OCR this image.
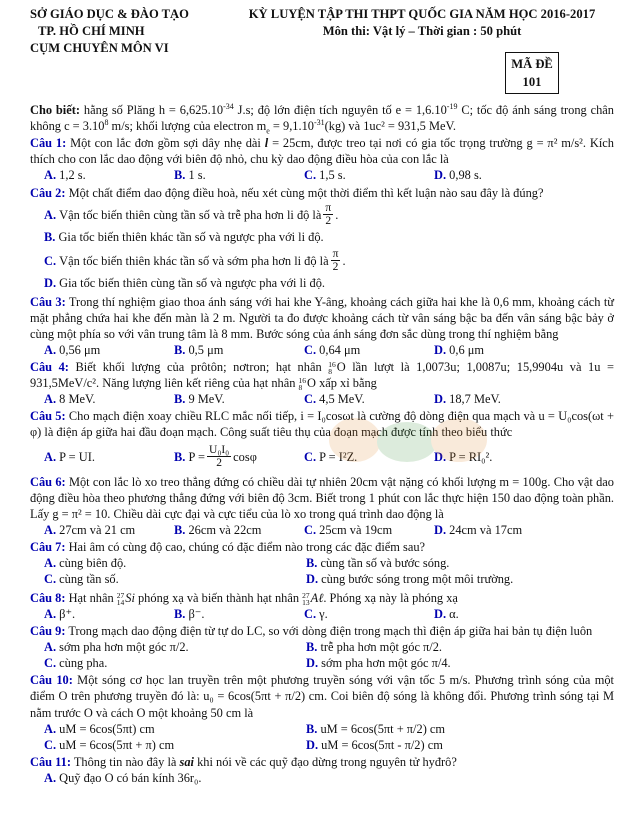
SỞ GIÁO DỤC & ĐÀO TẠO
TP. HỒ CHÍ MINH
CỤM CHUYÊN MÔN VI
KỲ LUYỆN TẬP THI THPT QUỐC GIA NĂM HỌC 2016-2017
Môn thi: Vật lý – Thời gian : 50 phút
MÃ ĐỀ
101

Cho biết: hằng số Plăng $h = 6,625.10^{-34}$ J.s; độ lớn điện tích nguyên tố $e = 1,6.10^{-19}$ C; tốc độ ánh sáng trong chân không $c = 3.10^8$ m/s; khối lượng của electron $m_e = 9,1.10^{-31}(kg)$ và 1uc² = 931,5 MeV.

Câu 1: Một con lắc đơn gồm sợi dây nhẹ dài l = 25cm, được treo tại nơi có gia tốc trọng trường g = π² m/s². Kích thích cho con lắc dao động với biên độ nhỏ, chu kỳ dao động điều hòa của con lắc là

A. 1,2 s.	B. 1 s.	C. 1,5 s.	D. 0,98 s.

Câu 2: Một chất điểm dao động điều hoà, nếu xét cùng một thời điểm thì kết luận nào sau đây là đúng?

A.
Vận tốc biến thiên cùng tần số và trễ pha hơn li độ là $\frac{\pi}{2}$ .
B. Gia tốc biến thiên khác tần số và ngược pha với li độ.
C.
Vận tốc biến thiên khác tần số và sớm pha hơn li độ là $\frac{\pi}{2}$ .
D. Gia tốc biến thiên cùng tần số và ngược pha với li độ.

Câu 3: Trong thí nghiệm giao thoa ánh sáng với hai khe Y-âng, khoảng cách giữa hai khe là 0,6 mm, khoảng cách từ mặt phẳng chứa hai khe đến màn là 2 m. Người ta đo được khoảng cách từ vân sáng bậc ba đến vân sáng bậc bảy ở cùng một phía so với vân trung tâm là 8 mm. Bước sóng của ánh sáng đơn sắc dùng trong thí nghiệm bằng

A. 0,56 μm	B. 0,5 μm	C. 0,64 μm	D. 0,6 μm

Câu 4: Biết khối lượng của prôtôn; nơtron; hạt nhân 16
8 O lần lượt là 1,0073u; 1,0087u; 15,9904u và 1u = 931,5MeV/c². Năng lượng liên kết riêng của hạt nhân 16
8 O xấp xỉ bằng

A. 8 MeV.	B. 9 MeV.	C. 4,5 MeV.	D. 18,7 MeV.

Câu 5: Cho mạch điện xoay chiều RLC mắc nối tiếp, i = I₀cosωt là cường độ dòng điện qua mạch và u = U₀cos(ωt + φ) là điện áp giữa hai đầu đoạn mạch. Công suất tiêu thụ của đoạn mạch được tính theo biểu thức

A. P = UI.	B.
$P = \frac{\text{U₀I₀}}{2}$ cosφ	C. P = I²Z.	D. P = RI₀².

Câu 6: Một con lắc lò xo treo thẳng đứng có chiều dài tự nhiên 20cm vật nặng có khối lượng m = 100g. Cho vật dao động điều hòa theo phương thẳng đứng với biên độ 3cm. Biết trong 1 phút con lắc thực hiện 150 dao động toàn phần. Lấy g = π² = 10. Chiều dài cực đại và cực tiểu của lò xo trong quá trình dao động là

A. 27cm và 21 cm	B. 26cm và 22cm	C. 25cm và 19cm	D. 24cm và 17cm

Câu 7: Hai âm có cùng độ cao, chúng có đặc điểm nào trong các đặc điểm sau?

A. cùng biên độ.	B. cùng tần số và bước sóng.
C. cùng tần số.	D. cùng bước sóng trong một môi trường.

Câu 8: Hạt nhân 27
14 Si phóng xạ và biến thành hạt nhân 27
13 Aℓ. Phóng xạ này là phóng xạ

A. β⁺.	B. β⁻.	C. γ.	D. α.

Câu 9: Trong mạch dao động điện từ tự do LC, so với dòng điện trong mạch thì điện áp giữa hai bản tụ điện luôn

A. sớm pha hơn một góc π/2.	B. trễ pha hơn một góc π/2.
C. cùng pha.	D. sớm pha hơn một góc π/4.

Câu 10: Một sóng cơ học lan truyền trên một phương truyền sóng với vận tốc 5 m/s. Phương trình sóng của một điểm O trên phương truyền đó là: u₀ = 6cos(5πt + π/2) cm. Coi biên độ sóng là không đổi. Phương trình sóng tại M nằm trước O và cách O một khoảng 50 cm là

A. uM = 6cos(5πt) cm	B. uM = 6cos(5πt + π/2) cm
C. uM = 6cos(5πt + π) cm	D. uM = 6cos(5πt - π/2) cm

Câu 11: Thông tin nào đây là sai khi nói về các quỹ đạo dừng trong nguyên tử hyđrô?

A. Quỹ đạo O có bán kính 36r₀.
